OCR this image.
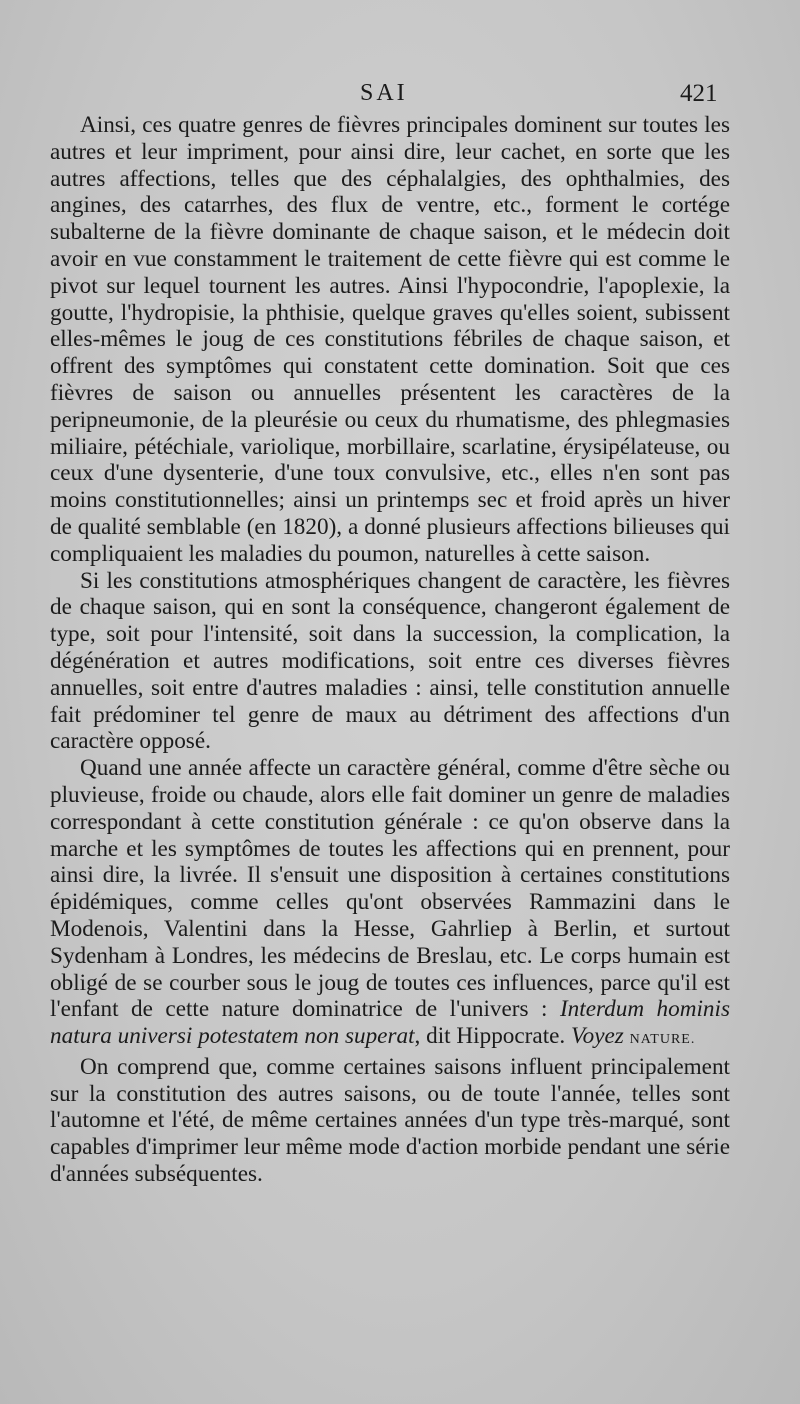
SAI	421

Ainsi, ces quatre genres de fièvres principales dominent sur toutes les autres et leur impriment, pour ainsi dire, leur cachet, en sorte que les autres affections, telles que des céphalalgies, des ophthalmies, des angines, des catarrhes, des flux de ventre, etc., forment le cortége subalterne de la fièvre dominante de chaque saison, et le médecin doit avoir en vue constamment le traitement de cette fièvre qui est comme le pivot sur lequel tournent les autres. Ainsi l'hypocondrie, l'apoplexie, la goutte, l'hydropisie, la phthisie, quelque graves qu'elles soient, subissent elles-mêmes le joug de ces constitutions fébriles de chaque saison, et offrent des symptômes qui constatent cette domination. Soit que ces fièvres de saison ou annuelles présentent les caractères de la peripneumonie, de la pleurésie ou ceux du rhumatisme, des phlegmasies miliaire, pétéchiale, variolique, morbillaire, scarlatine, érysipélateuse, ou ceux d'une dysenterie, d'une toux convulsive, etc., elles n'en sont pas moins constitutionnelles; ainsi un printemps sec et froid après un hiver de qualité semblable (en 1820), a donné plusieurs affections bilieuses qui compliquaient les maladies du poumon, naturelles à cette saison.

Si les constitutions atmosphériques changent de caractère, les fièvres de chaque saison, qui en sont la conséquence, changeront également de type, soit pour l'intensité, soit dans la succession, la complication, la dégénération et autres modifications, soit entre ces diverses fièvres annuelles, soit entre d'autres maladies : ainsi, telle constitution annuelle fait prédominer tel genre de maux au détriment des affections d'un caractère opposé.

Quand une année affecte un caractère général, comme d'être sèche ou pluvieuse, froide ou chaude, alors elle fait dominer un genre de maladies correspondant à cette constitution générale : ce qu'on observe dans la marche et les symptômes de toutes les affections qui en prennent, pour ainsi dire, la livrée. Il s'ensuit une disposition à certaines constitutions épidémiques, comme celles qu'ont observées Rammazini dans le Modenois, Valentini dans la Hesse, Gahrliep à Berlin, et surtout Sydenham à Londres, les médecins de Breslau, etc. Le corps humain est obligé de se courber sous le joug de toutes ces influences, parce qu'il est l'enfant de cette nature dominatrice de l'univers : Interdum hominis natura universi potestatem non superat, dit Hippocrate. Voyez NATURE.

On comprend que, comme certaines saisons influent principalement sur la constitution des autres saisons, ou de toute l'année, telles sont l'automne et l'été, de même certaines années d'un type très-marqué, sont capables d'imprimer leur même mode d'action morbide pendant une série d'années subséquentes.
